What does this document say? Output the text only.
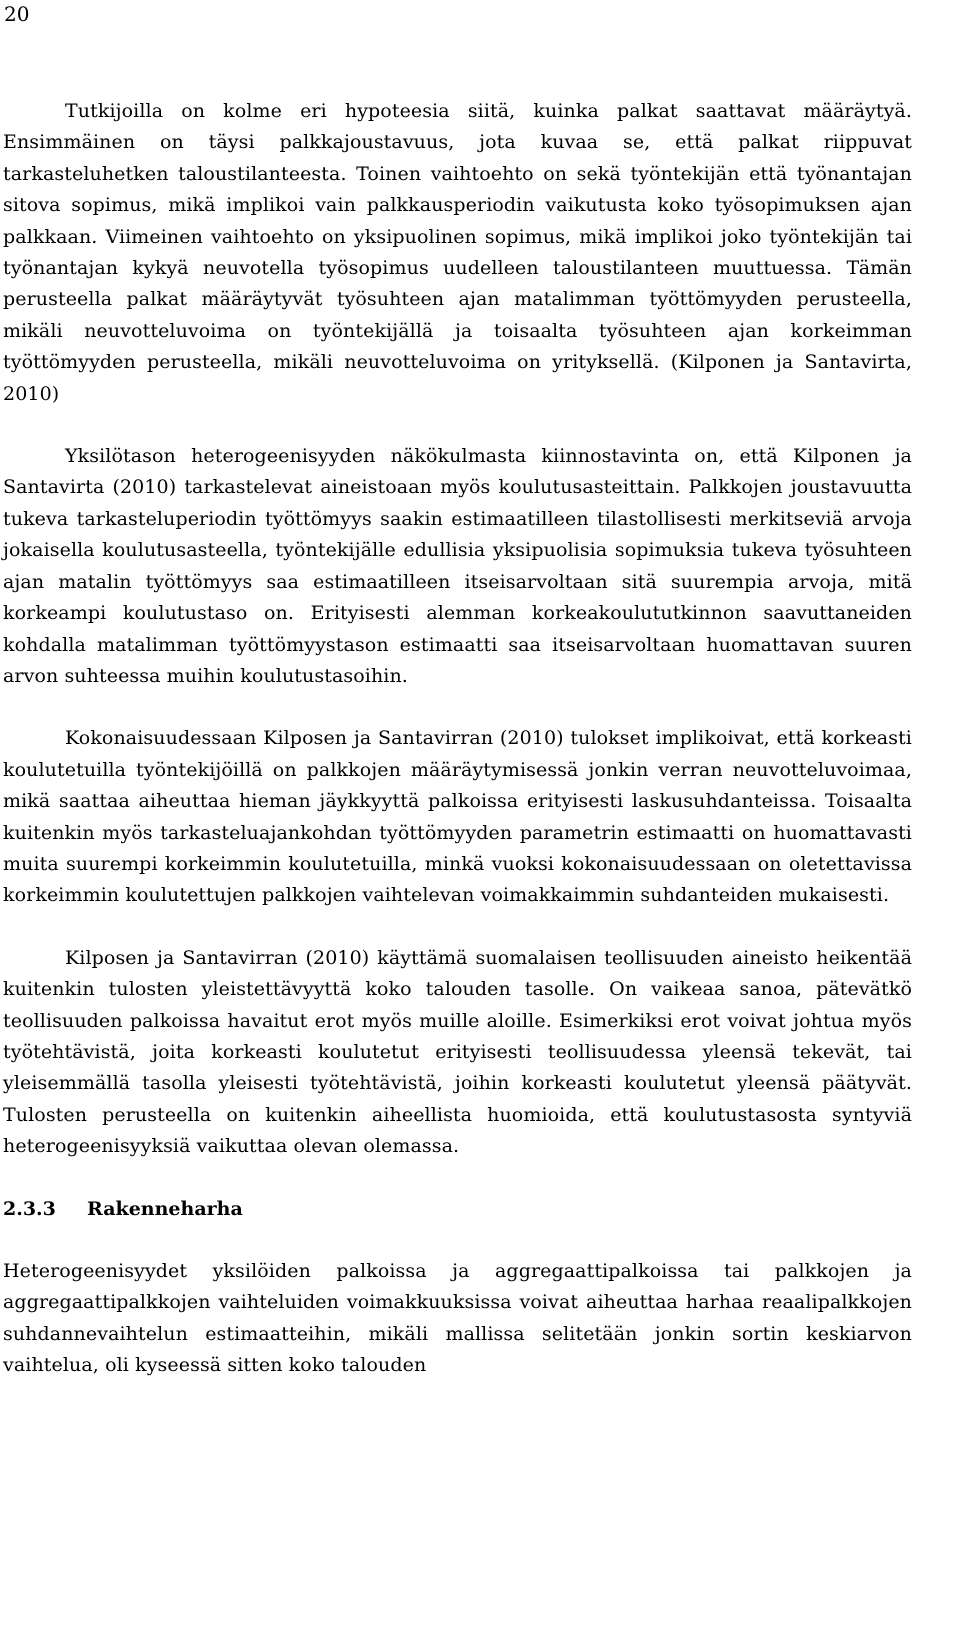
20

Tutkijoilla on kolme eri hypoteesia siitä, kuinka palkat saattavat määräytyä. Ensimmäinen on täysi palkkajoustavuus, jota kuvaa se, että palkat riippuvat tarkasteluhetken taloustilanteesta. Toinen vaihtoehto on sekä työntekijän että työnantajan sitova sopimus, mikä implikoi vain palkkausperiodin vaikutusta koko työsopimuksen ajan palkkaan. Viimeinen vaihtoehto on yksipuolinen sopimus, mikä implikoi joko työntekijän tai työnantajan kykyä neuvotella työsopimus uudelleen taloustilanteen muuttuessa. Tämän perusteella palkat määräytyvät työsuhteen ajan matalimman työttömyyden perusteella, mikäli neuvotteluvoima on työntekijällä ja toisaalta työsuhteen ajan korkeimman työttömyyden perusteella, mikäli neuvotteluvoima on yrityksellä. (Kilponen ja Santavirta, 2010)

Yksilötason heterogeenisyyden näkökulmasta kiinnostavinta on, että Kilponen ja Santavirta (2010) tarkastelevat aineistoaan myös koulutusasteittain. Palkkojen joustavuutta tukeva tarkasteluperiodin työttömyys saakin estimaatilleen tilastollisesti merkitseviä arvoja jokaisella koulutusasteella, työntekijälle edullisia yksipuolisia sopimuksia tukeva työsuhteen ajan matalin työttömyys saa estimaatilleen itseisarvoltaan sitä suurempia arvoja, mitä korkeampi koulutustaso on. Erityisesti alemman korkeakoulututkinnon saavuttaneiden kohdalla matalimman työttömyystason estimaatti saa itseisarvoltaan huomattavan suuren arvon suhteessa muihin koulutustasoihin.

Kokonaisuudessaan Kilposen ja Santavirran (2010) tulokset implikoivat, että korkeasti koulutetuilla työntekijöillä on palkkojen määräytymisessä jonkin verran neuvotteluvoimaa, mikä saattaa aiheuttaa hieman jäykkyyttä palkoissa erityisesti laskusuhdanteissa. Toisaalta kuitenkin myös tarkasteluajankohdan työttömyyden parametrin estimaatti on huomattavasti muita suurempi korkeimmin koulutetuilla, minkä vuoksi kokonaisuudessaan on oletettavissa korkeimmin koulutettujen palkkojen vaihtelevan voimakkaimmin suhdanteiden mukaisesti.

Kilposen ja Santavirran (2010) käyttämä suomalaisen teollisuuden aineisto heikentää kuitenkin tulosten yleistettävyyttä koko talouden tasolle. On vaikeaa sanoa, pätevätkö teollisuuden palkoissa havaitut erot myös muille aloille. Esimerkiksi erot voivat johtua myös työtehtävistä, joita korkeasti koulutetut erityisesti teollisuudessa yleensä tekevät, tai yleisemmällä tasolla yleisesti työtehtävistä, joihin korkeasti koulutetut yleensä päätyvät. Tulosten perusteella on kuitenkin aiheellista huomioida, että koulutustasosta syntyviä heterogeenisyyksiä vaikuttaa olevan olemassa.

2.3.3 Rakenneharha

Heterogeenisyydet yksilöiden palkoissa ja aggregaattipalkoissa tai palkkojen ja aggregaattipalkkojen vaihteluiden voimakkuuksissa voivat aiheuttaa harhaa reaalipalkkojen suhdannevaihtelun estimaatteihin, mikäli mallissa selitetään jonkin sortin keskiarvon vaihtelua, oli kyseessä sitten koko talouden
